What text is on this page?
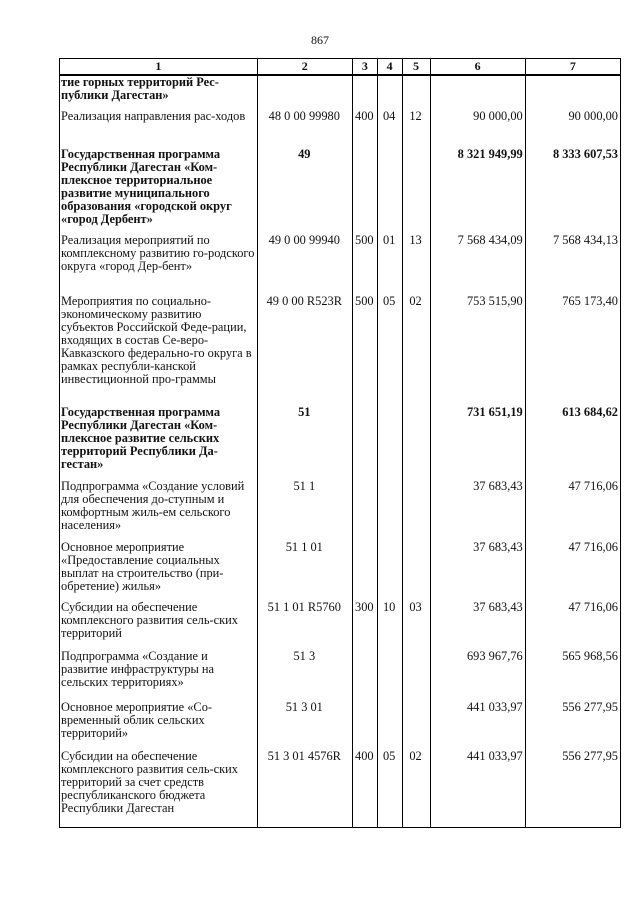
867
1	2	3	4	5	6	7
тие горных территорий Рес-публики Дагестан»						
Реализация направления рас-ходов	48 0 00 99980	400	04	12	90 000,00	90 000,00
Государственная программа Республики Дагестан «Ком-плексное территориальное развитие муниципального образования «городской округ «город Дербент»	49				8 321 949,99	8 333 607,53
Реализация мероприятий по комплексному развитию го-родского округа «город Дер-бент»	49 0 00 99940	500	01	13	7 568 434,09	7 568 434,13
Мероприятия по социально-экономическому развитию субъектов Российской Феде-рации, входящих в состав Се-веро-Кавказского федерально-го округа в рамках республи-канской инвестиционной про-граммы	49 0 00 R523R	500	05	02	753 515,90	765 173,40
Государственная программа Республики Дагестан «Ком-плексное развитие сельских территорий Республики Да-гестан»	51				731 651,19	613 684,62
Подпрограмма «Создание условий для обеспечения до-ступным и комфортным жиль-ем сельского населения»	51 1				37 683,43	47 716,06
Основное мероприятие «Предоставление социальных выплат на строительство (при-обретение) жилья»	51 1 01				37 683,43	47 716,06
Субсидии на обеспечение комплексного развития сель-ских территорий	51 1 01 R5760	300	10	03	37 683,43	47 716,06
Подпрограмма «Создание и развитие инфраструктуры на сельских территориях»	51 3				693 967,76	565 968,56
Основное мероприятие «Со-временный облик сельских территорий»	51 3 01				441 033,97	556 277,95
Субсидии на обеспечение комплексного развития сель-ских территорий за счет средств республиканского бюджета Республики Дагестан	51 3 01 4576R	400	05	02	441 033,97	556 277,95
